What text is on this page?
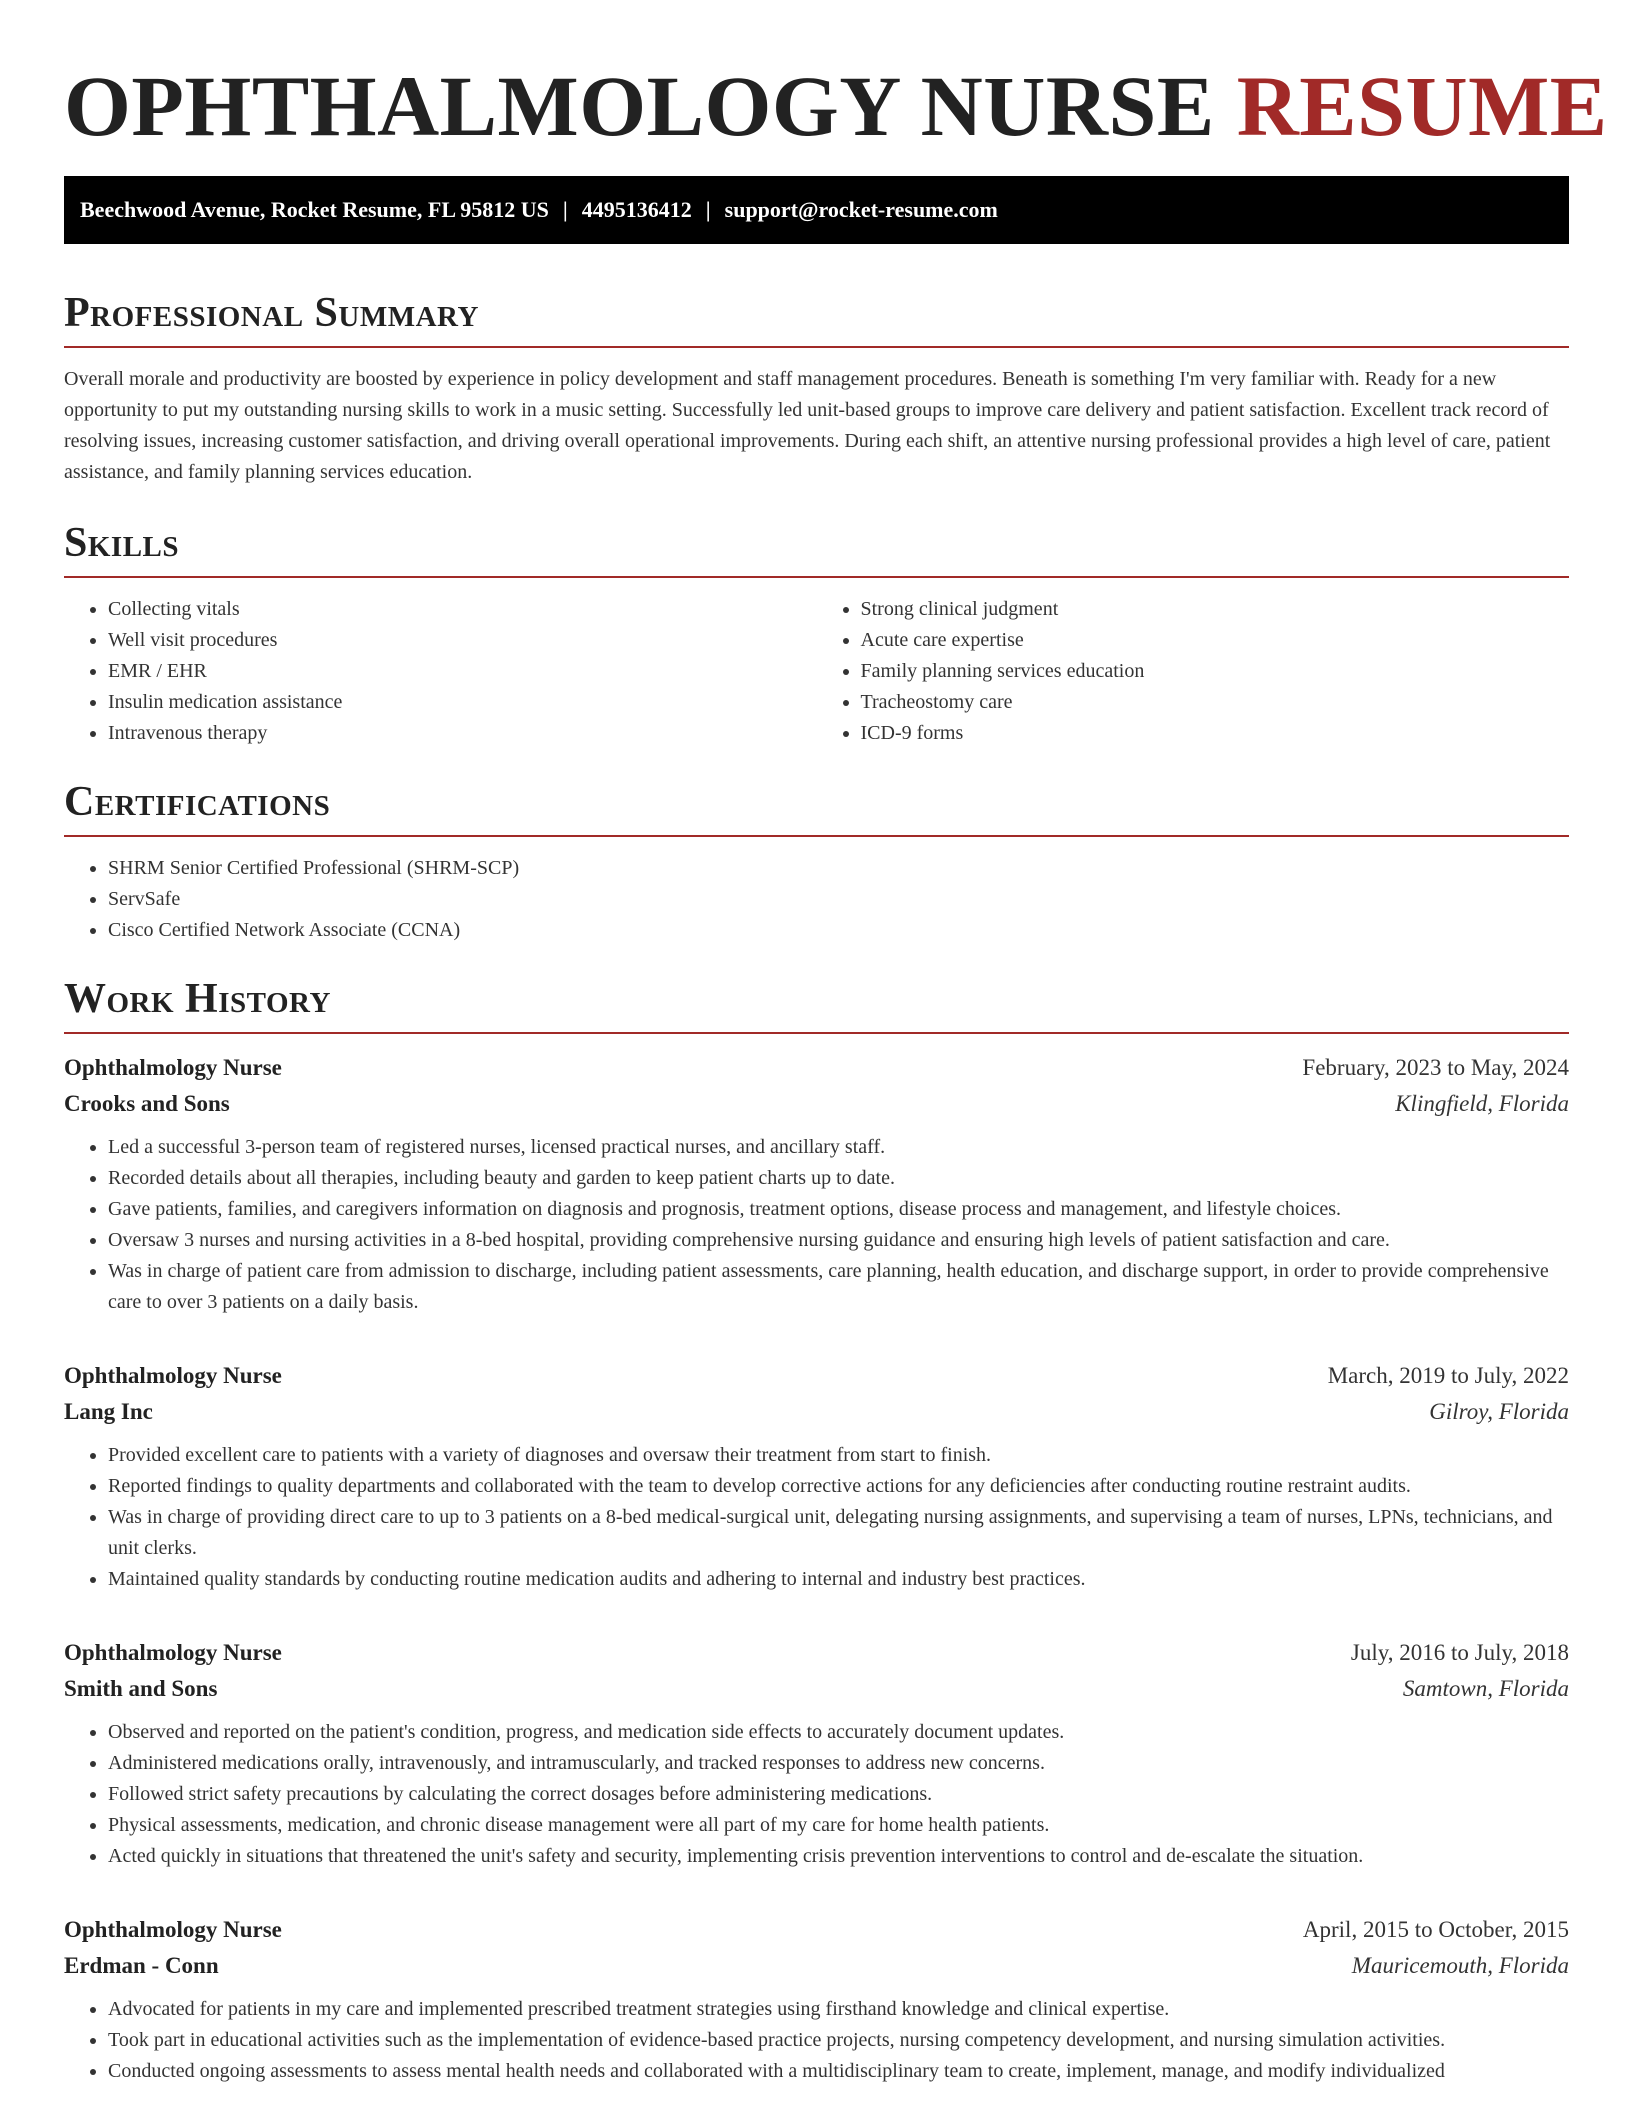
OPHTHALMOLOGY NURSE RESUME
Beechwood Avenue, Rocket Resume, FL 95812 US | 4495136412 | support@rocket-resume.com
Professional Summary

Overall morale and productivity are boosted by experience in policy development and staff management procedures. Beneath is something I'm very familiar with. Ready for a new opportunity to put my outstanding nursing skills to work in a music setting. Successfully led unit-based groups to improve care delivery and patient satisfaction. Excellent track record of resolving issues, increasing customer satisfaction, and driving overall operational improvements. During each shift, an attentive nursing professional provides a high level of care, patient assistance, and family planning services education.

Skills
• Collecting vitals
• Well visit procedures
• EMR / EHR
• Insulin medication assistance
• Intravenous therapy
• Strong clinical judgment
• Acute care expertise
• Family planning services education
• Tracheostomy care
• ICD-9 forms
Certifications
• SHRM Senior Certified Professional (SHRM-SCP)
• ServSafe
• Cisco Certified Network Associate (CCNA)
Work History
Ophthalmology Nurse	February, 2023 to May, 2024
Crooks and Sons	Klingfield, Florida
• Led a successful 3-person team of registered nurses, licensed practical nurses, and ancillary staff.
• Recorded details about all therapies, including beauty and garden to keep patient charts up to date.
• Gave patients, families, and caregivers information on diagnosis and prognosis, treatment options, disease process and management, and lifestyle choices.
• Oversaw 3 nurses and nursing activities in a 8-bed hospital, providing comprehensive nursing guidance and ensuring high levels of patient satisfaction and care.
• Was in charge of patient care from admission to discharge, including patient assessments, care planning, health education, and discharge support, in order to provide comprehensive care to over 3 patients on a daily basis.
Ophthalmology Nurse	March, 2019 to July, 2022
Lang Inc	Gilroy, Florida
• Provided excellent care to patients with a variety of diagnoses and oversaw their treatment from start to finish.
• Reported findings to quality departments and collaborated with the team to develop corrective actions for any deficiencies after conducting routine restraint audits.
• Was in charge of providing direct care to up to 3 patients on a 8-bed medical-surgical unit, delegating nursing assignments, and supervising a team of nurses, LPNs, technicians, and unit clerks.
• Maintained quality standards by conducting routine medication audits and adhering to internal and industry best practices.
Ophthalmology Nurse	July, 2016 to July, 2018
Smith and Sons	Samtown, Florida
• Observed and reported on the patient's condition, progress, and medication side effects to accurately document updates.
• Administered medications orally, intravenously, and intramuscularly, and tracked responses to address new concerns.
• Followed strict safety precautions by calculating the correct dosages before administering medications.
• Physical assessments, medication, and chronic disease management were all part of my care for home health patients.
• Acted quickly in situations that threatened the unit's safety and security, implementing crisis prevention interventions to control and de-escalate the situation.
Ophthalmology Nurse	April, 2015 to October, 2015
Erdman - Conn	Mauricemouth, Florida
• Advocated for patients in my care and implemented prescribed treatment strategies using firsthand knowledge and clinical expertise.
• Took part in educational activities such as the implementation of evidence-based practice projects, nursing competency development, and nursing simulation activities.
• Conducted ongoing assessments to assess mental health needs and collaborated with a multidisciplinary team to create, implement, manage, and modify individualized
